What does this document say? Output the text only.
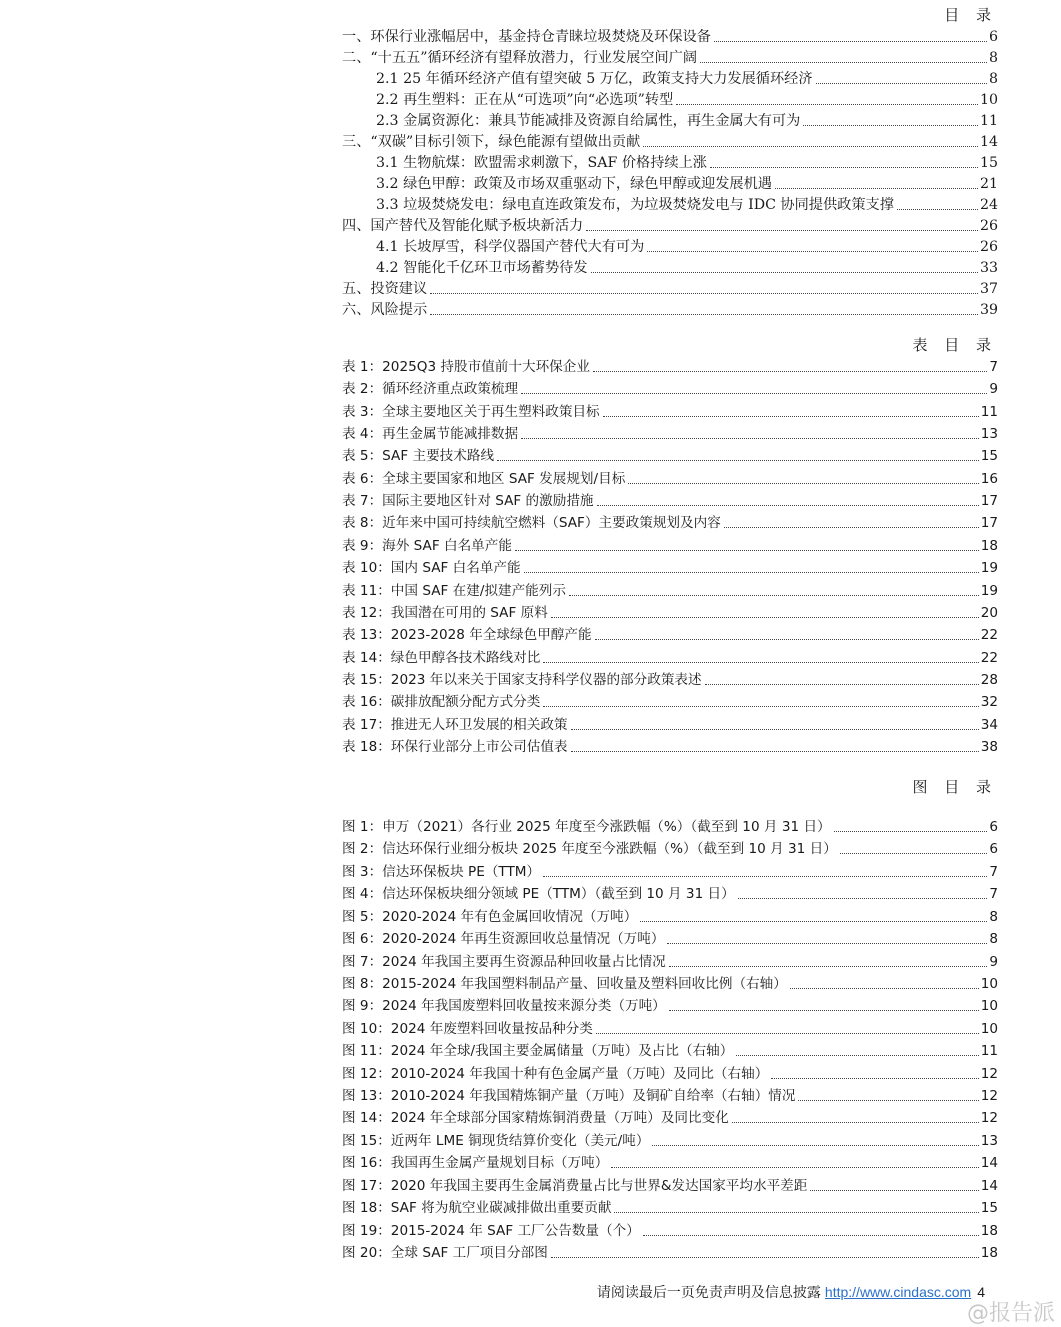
目 录
一、环保行业涨幅居中，基金持仓青睐垃圾焚烧及环保设备	6
二、“十五五”循环经济有望释放潜力，行业发展空间广阔	8
2.1 25 年循环经济产值有望突破 5 万亿，政策支持大力发展循环经济	8
2.2 再生塑料：正在从“可选项”向“必选项”转型	10
2.3 金属资源化：兼具节能减排及资源自给属性，再生金属大有可为	11
三、“双碳”目标引领下，绿色能源有望做出贡献	14
3.1 生物航煤：欧盟需求刺激下，SAF 价格持续上涨	15
3.2 绿色甲醇：政策及市场双重驱动下，绿色甲醇或迎发展机遇	21
3.3 垃圾焚烧发电：绿电直连政策发布，为垃圾焚烧发电与 IDC 协同提供政策支撑	24
四、国产替代及智能化赋予板块新活力	26
4.1 长坡厚雪，科学仪器国产替代大有可为	26
4.2 智能化千亿环卫市场蓄势待发	33
五、投资建议	37
六、风险提示	39
表 目 录
表 1：2025Q3 持股市值前十大环保企业	7
表 2：循环经济重点政策梳理	9
表 3：全球主要地区关于再生塑料政策目标	11
表 4：再生金属节能减排数据	13
表 5：SAF 主要技术路线	15
表 6：全球主要国家和地区 SAF 发展规划/目标	16
表 7：国际主要地区针对 SAF 的激励措施	17
表 8：近年来中国可持续航空燃料（SAF）主要政策规划及内容	17
表 9：海外 SAF 白名单产能	18
表 10：国内 SAF 白名单产能	19
表 11：中国 SAF 在建/拟建产能列示	19
表 12：我国潜在可用的 SAF 原料	20
表 13：2023-2028 年全球绿色甲醇产能	22
表 14：绿色甲醇各技术路线对比	22
表 15：2023 年以来关于国家支持科学仪器的部分政策表述	28
表 16：碳排放配额分配方式分类	32
表 17：推进无人环卫发展的相关政策	34
表 18：环保行业部分上市公司估值表	38
图 目 录
图 1：申万（2021）各行业 2025 年度至今涨跌幅（%）（截至到 10 月 31 日）	6
图 2：信达环保行业细分板块 2025 年度至今涨跌幅（%）（截至到 10 月 31 日）	6
图 3：信达环保板块 PE（TTM）	7
图 4：信达环保板块细分领域 PE（TTM）（截至到 10 月 31 日）	7
图 5：2020-2024 年有色金属回收情况（万吨）	8
图 6：2020-2024 年再生资源回收总量情况（万吨）	8
图 7：2024 年我国主要再生资源品种回收量占比情况	9
图 8：2015-2024 年我国塑料制品产量、回收量及塑料回收比例（右轴）	10
图 9：2024 年我国废塑料回收量按来源分类（万吨）	10
图 10：2024 年废塑料回收量按品种分类	10
图 11：2024 年全球/我国主要金属储量（万吨）及占比（右轴）	11
图 12：2010-2024 年我国十种有色金属产量（万吨）及同比（右轴）	12
图 13：2010-2024 年我国精炼铜产量（万吨）及铜矿自给率（右轴）情况	12
图 14：2024 年全球部分国家精炼铜消费量（万吨）及同比变化	12
图 15：近两年 LME 铜现货结算价变化（美元/吨）	13
图 16：我国再生金属产量规划目标（万吨）	14
图 17：2020 年我国主要再生金属消费量占比与世界&发达国家平均水平差距	14
图 18：SAF 将为航空业碳减排做出重要贡献	15
图 19：2015-2024 年 SAF 工厂公告数量（个）	18
图 20：全球 SAF 工厂项目分部图	18
请阅读最后一页免责声明及信息披露 http://www.cindasc.com 4
@报告派
